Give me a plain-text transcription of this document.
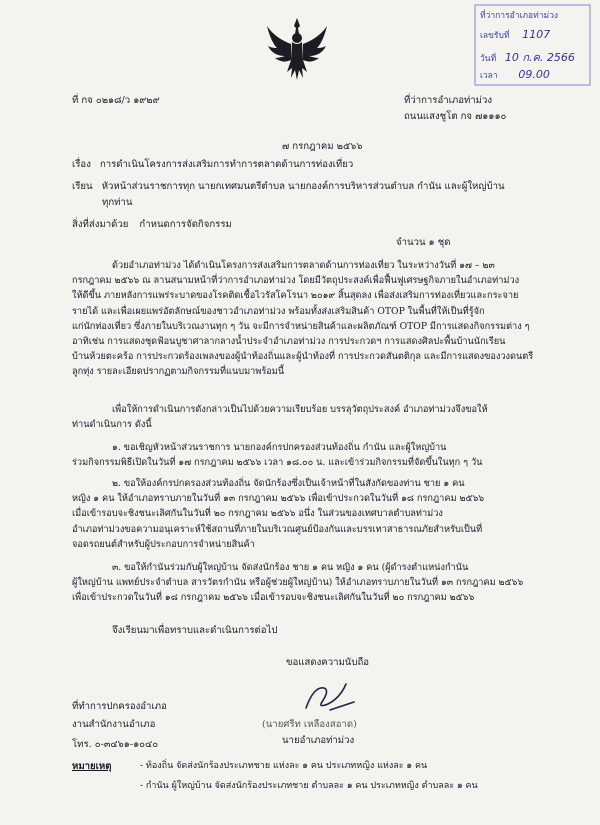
ที่ว่าการอำเภอท่าม่วง
เลขรับที่ 1107
วันที่ 10 ก.ค. 2566
เวลา 09.00
ที่ กจ ๐๒๑๘/ว ๑๙๒๙	ที่ว่าการอำเภอท่าม่วง
ถนนแสงชูโต กจ ๗๑๑๑๐
๗ กรกฎาคม ๒๕๖๖
เรื่อง การดำเนินโครงการส่งเสริมการทำการตลาดด้านการท่องเที่ยว
เรียน หัวหน้าส่วนราชการทุก นายกเทศมนตรีตำบล นายกองค์การบริหารส่วนตำบล กำนัน และผู้ใหญ่บ้าน
ทุกท่าน
สิ่งที่ส่งมาด้วย กำหนดการจัดกิจกรรม
จำนวน ๑ ชุด
ด้วยอำเภอท่าม่วง ได้ดำเนินโครงการส่งเสริมการตลาดด้านการท่องเที่ยว ในระหว่างวันที่ ๑๗ – ๒๓
กรกฎาคม ๒๕๖๖ ณ ลานสนามหน้าที่ว่าการอำเภอท่าม่วง โดยมีวัตถุประสงค์เพื่อฟื้นฟูเศรษฐกิจภายในอำเภอท่าม่วง
ให้ดีขึ้น ภายหลังการแพร่ระบาดของโรคติดเชื้อไวรัสโคโรนา ๒๐๑๙ สิ้นสุดลง เพื่อส่งเสริมการท่องเที่ยวและกระจาย
รายได้ และเพื่อเผยแพร่อัตลักษณ์ของชาวอำเภอท่าม่วง พร้อมทั้งส่งเสริมสินค้า OTOP ในพื้นที่ให้เป็นที่รู้จัก
แก่นักท่องเที่ยว ซึ่งภายในบริเวณงานทุก ๆ วัน จะมีการจำหน่ายสินค้าและผลิตภัณฑ์ OTOP มีการแสดงกิจกรรมต่าง ๆ
อาทิเช่น การแสดงชุดฟ้อนบูชาศาลากลางน้ำประจำอำเภอท่าม่วง การประกวดฯ การแสดงศิลปะพื้นบ้านนักเรียน
บ้านห้วยตะคร้อ การประกวดร้องเพลงของผู้นำท้องถิ่นและผู้นำท้องที่ การประกวดสันตติกุล และมีการแสดงของวงดนตรี
ลูกทุ่ง รายละเอียดปรากฏตามกิจกรรมที่แนบมาพร้อมนี้
เพื่อให้การดำเนินการดังกล่าวเป็นไปด้วยความเรียบร้อย บรรลุวัตถุประสงค์ อำเภอท่าม่วงจึงขอให้
ท่านดำเนินการ ดังนี้
๑. ขอเชิญหัวหน้าส่วนราชการ นายกองค์กรปกครองส่วนท้องถิ่น กำนัน และผู้ใหญ่บ้าน
ร่วมกิจกรรมพิธีเปิดในวันที่ ๑๗ กรกฎาคม ๒๕๖๖ เวลา ๑๘.๐๐ น. และเข้าร่วมกิจกรรมที่จัดขึ้นในทุก ๆ วัน
๒. ขอให้องค์กรปกครองส่วนท้องถิ่น จัดนักร้องซึ่งเป็นเจ้าหน้าที่ในสังกัดของท่าน ชาย ๑ คน
หญิง ๑ คน ให้อำเภอทราบภายในวันที่ ๑๓ กรกฎาคม ๒๕๖๖ เพื่อเข้าประกวดในวันที่ ๑๘ กรกฎาคม ๒๕๖๖
เมื่อเข้ารอบจะชิงชนะเลิศกันในวันที่ ๒๐ กรกฎาคม ๒๕๖๖ อนึ่ง ในส่วนของเทศบาลตำบลท่าม่วง
อำเภอท่าม่วงขอความอนุเคราะห์ใช้สถานที่ภายในบริเวณศูนย์ป้องกันและบรรเทาสาธารณภัยสำหรับเป็นที่
จอดรถยนต์สำหรับผู้ประกอบการจำหน่ายสินค้า
๓. ขอให้กำนันร่วมกับผู้ใหญ่บ้าน จัดส่งนักร้อง ชาย ๑ คน หญิง ๑ คน (ผู้ดำรงตำแหน่งกำนัน
ผู้ใหญ่บ้าน แพทย์ประจำตำบล สารวัตรกำนัน หรือผู้ช่วยผู้ใหญ่บ้าน) ให้อำเภอทราบภายในวันที่ ๑๓ กรกฎาคม ๒๕๖๖
เพื่อเข้าประกวดในวันที่ ๑๘ กรกฎาคม ๒๕๖๖ เมื่อเข้ารอบจะชิงชนะเลิศกันในวันที่ ๒๐ กรกฎาคม ๒๕๖๖
จึงเรียนมาเพื่อทราบและดำเนินการต่อไป
ขอแสดงความนับถือ
(นายศรีท เหลืองสอาด)
นายอำเภอท่าม่วง
ที่ทำการปกครองอำเภอ
งานสำนักงานอำเภอ
โทร. ๐-๓๔๖๑-๑๐๔๐
หมายเหตุ	- ท้องถิ่น จัดส่งนักร้องประเภทชาย แห่งละ ๑ คน ประเภทหญิง แห่งละ ๑ คน
- กำนัน ผู้ใหญ่บ้าน จัดส่งนักร้องประเภทชาย ตำบลละ ๑ คน ประเภทหญิง ตำบลละ ๑ คน
